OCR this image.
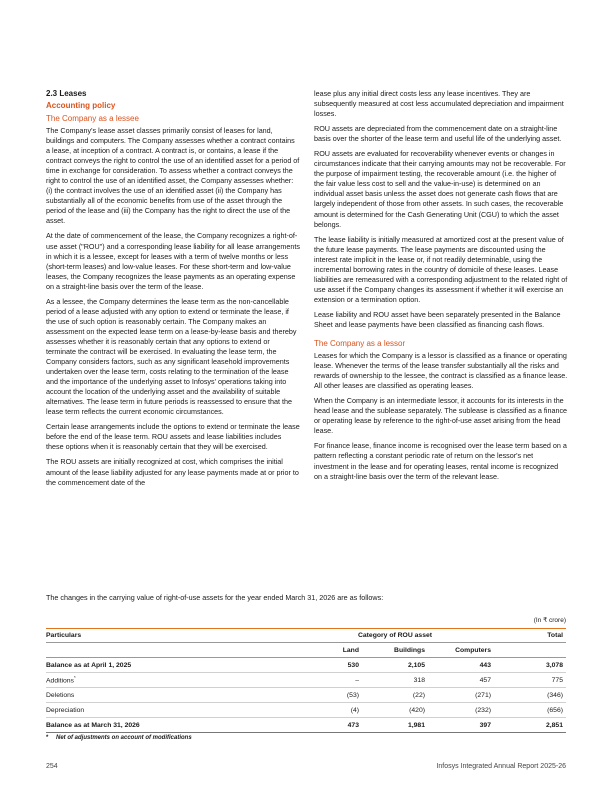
2.3 Leases
Accounting policy
The Company as a lessee

The Company's lease asset classes primarily consist of leases for land, buildings and computers. The Company assesses whether a contract contains a lease, at inception of a contract. A contract is, or contains, a lease if the contract conveys the right to control the use of an identified asset for a period of time in exchange for consideration. To assess whether a contract conveys the right to control the use of an identified asset, the Company assesses whether: (i) the contract involves the use of an identified asset (ii) the Company has substantially all of the economic benefits from use of the asset through the period of the lease and (iii) the Company has the right to direct the use of the asset.

At the date of commencement of the lease, the Company recognizes a right-of-use asset ("ROU") and a corresponding lease liability for all lease arrangements in which it is a lessee, except for leases with a term of twelve months or less (short-term leases) and low-value leases. For these short-term and low-value leases, the Company recognizes the lease payments as an operating expense on a straight-line basis over the term of the lease.

As a lessee, the Company determines the lease term as the non-cancellable period of a lease adjusted with any option to extend or terminate the lease, if the use of such option is reasonably certain. The Company makes an assessment on the expected lease term on a lease-by-lease basis and thereby assesses whether it is reasonably certain that any options to extend or terminate the contract will be exercised. In evaluating the lease term, the Company considers factors, such as any significant leasehold improvements undertaken over the lease term, costs relating to the termination of the lease and the importance of the underlying asset to Infosys' operations taking into account the location of the underlying asset and the availability of suitable alternatives. The lease term in future periods is reassessed to ensure that the lease term reflects the current economic circumstances.

Certain lease arrangements include the options to extend or terminate the lease before the end of the lease term. ROU assets and lease liabilities includes these options when it is reasonably certain that they will be exercised.

The ROU assets are initially recognized at cost, which comprises the initial amount of the lease liability adjusted for any lease payments made at or prior to the commencement date of the

lease plus any initial direct costs less any lease incentives. They are subsequently measured at cost less accumulated depreciation and impairment losses.

ROU assets are depreciated from the commencement date on a straight-line basis over the shorter of the lease term and useful life of the underlying asset.

ROU assets are evaluated for recoverability whenever events or changes in circumstances indicate that their carrying amounts may not be recoverable. For the purpose of impairment testing, the recoverable amount (i.e. the higher of the fair value less cost to sell and the value-in-use) is determined on an individual asset basis unless the asset does not generate cash flows that are largely independent of those from other assets. In such cases, the recoverable amount is determined for the Cash Generating Unit (CGU) to which the asset belongs.

The lease liability is initially measured at amortized cost at the present value of the future lease payments. The lease payments are discounted using the interest rate implicit in the lease or, if not readily determinable, using the incremental borrowing rates in the country of domicile of these leases. Lease liabilities are remeasured with a corresponding adjustment to the related right of use asset if the Company changes its assessment if whether it will exercise an extension or a termination option.

Lease liability and ROU asset have been separately presented in the Balance Sheet and lease payments have been classified as financing cash flows.

The Company as a lessor

Leases for which the Company is a lessor is classified as a finance or operating lease. Whenever the terms of the lease transfer substantially all the risks and rewards of ownership to the lessee, the contract is classified as a finance lease. All other leases are classified as operating leases.

When the Company is an intermediate lessor, it accounts for its interests in the head lease and the sublease separately. The sublease is classified as a finance or operating lease by reference to the right-of-use asset arising from the head lease.

For finance lease, finance income is recognised over the lease term based on a pattern reflecting a constant periodic rate of return on the lessor's net investment in the lease and for operating leases, rental income is recognized on a straight-line basis over the term of the relevant lease.

The changes in the carrying value of right-of-use assets for the year ended March 31, 2026 are as follows:

(In ₹ crore)
Particulars	Category of ROU asset			Total
	Land	Buildings	Computers	
Balance as at April 1, 2025	530	2,105	443	3,078
Additions*	–	318	457	775
Deletions	(53)	(22)	(271)	(346)
Depreciation	(4)	(420)	(232)	(656)
Balance as at March 31, 2026	473	1,981	397	2,851
* Net of adjustments on account of modifications
254	Infosys Integrated Annual Report 2025-26
